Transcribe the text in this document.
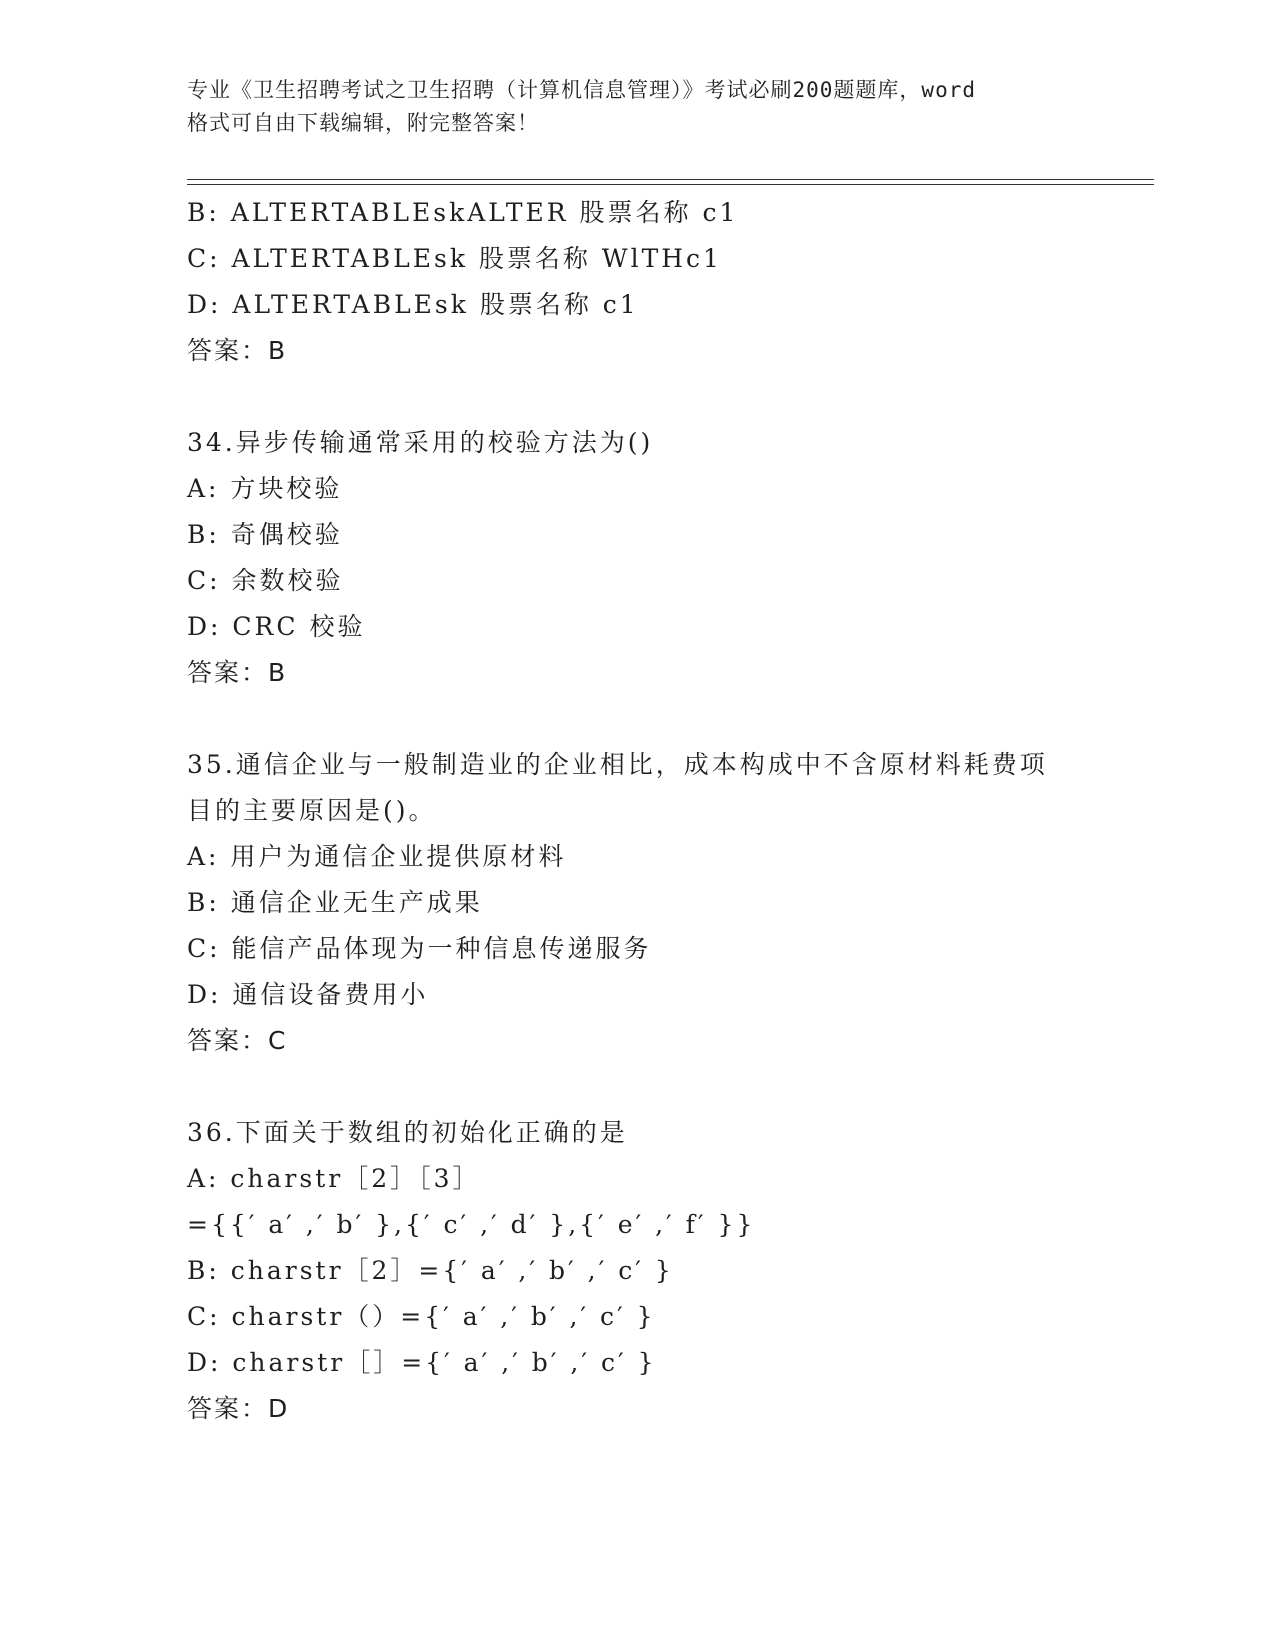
专业《卫生招聘考试之卫生招聘（计算机信息管理）》考试必刷200题题库，word
格式可自由下载编辑，附完整答案！
B: ALTERTABLEskALTER 股票名称 c1
C: ALTERTABLEsk 股票名称 WlTHc1
D: ALTERTABLEsk 股票名称 c1
答案：B
34.异步传输通常采用的校验方法为()
A: 方块校验
B: 奇偶校验
C: 余数校验
D: CRC 校验
答案：B
35.通信企业与一般制造业的企业相比，成本构成中不含原材料耗费项
目的主要原因是()。
A: 用户为通信企业提供原材料
B: 通信企业无生产成果
C: 能信产品体现为一种信息传递服务
D: 通信设备费用小
答案：C
36.下面关于数组的初始化正确的是
A: charstr［2］［3］
={{′ a′ ,′ b′ },{′ c′ ,′ d′ },{′ e′ ,′ f′ }}
B: charstr［2］={′ a′ ,′ b′ ,′ c′ }
C: charstr（）={′ a′ ,′ b′ ,′ c′ }
D: charstr［］={′ a′ ,′ b′ ,′ c′ }
答案：D
